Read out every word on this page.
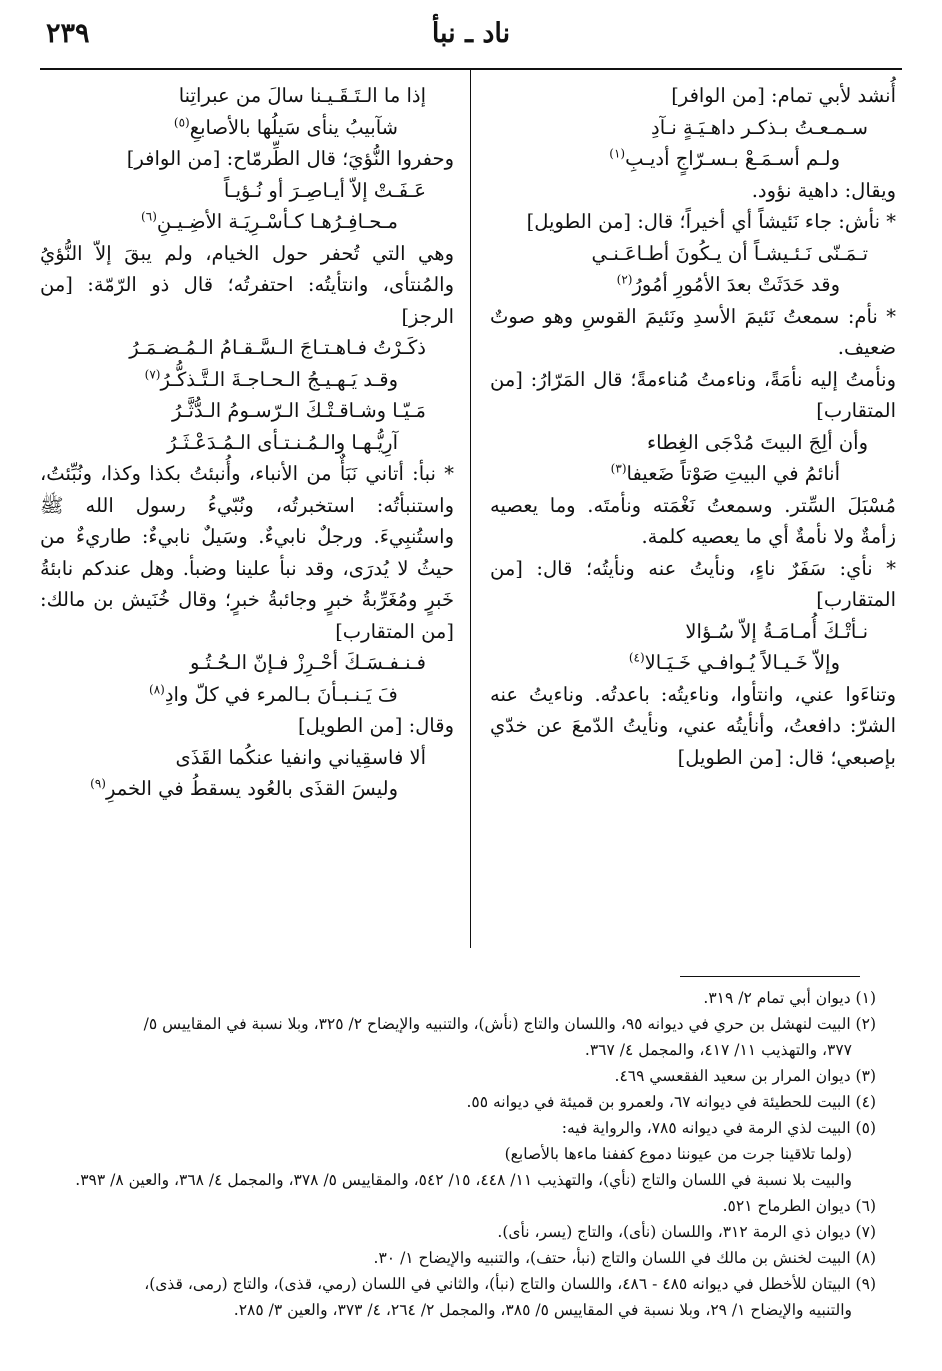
ناد ـ نبأ
٢٣٩
أُنشد لأبي تمام: [من الوافر]
سـمـعـتُ بـذكـر داهـيَـةٍ نـآدِ
ولـم أسـمَـعْ بـسـرّاجٍ أديـبِ$^{(١)}$
ويقال: داهية نؤود.
* نأش: جاء نَئيشاً أي أخيراً؛ قال: [من الطويل]
تـمَـنّى نَـئـيشـاً أن يـكُونَ أطـاعَـنـي
وقد حَدَثَتْ بعدَ الأمُورِ أمُورُ$^{(٢)}$
* نأم: سمعتُ نَئيمَ الأسدِ ونَئيمَ القوسِ وهو صوتٌ ضعيف.
ونأمتُ إليه نأمَةً، وناءمتُ مُناءمةً؛ قال المَرّارُ: [من المتقارب]
وأن ألِجَ البيتَ مُدْجَى الغِطاء
أنائمُ في البيتِ صَوْتاً ضَعيفا$^{(٣)}$
مُسْبَلَ السِّتر. وسمعتُ نَغْمَته ونأمتَه. وما يعصيه زأمةٌ ولا نأمةٌ أي ما يعصيه كلمة.
* نأي: سَفَرٌ ناءٍ، ونأيتُ عنه ونأيتُه؛ قال: [من المتقارب]
نـأتْـكَ أُمـامَـةُ إلاّ سُـؤالا
وإلاّ خَـيـالاً يُـوافـي خَـيَـالا$^{(٤)}$
وتناءَوا عني، وانتأوا، وناءيتُه: باعدتُه. وناءيتُ عنه الشرّ: دافعتُ، وأنأيتُه عني، ونأيتُ الدّمعَ عن خدّي بإصبعي؛ قال: [من الطويل]
إذا ما الـتَـقَـيـنا سالَ من عبراتِنا
شآبيبُ ينأى سَيلُها بالأصابعِ$^{(٥)}$
وحفروا النُّؤيَ؛ قال الطِّرمّاح: [من الوافر]
عَـفَـتْ إلاّ أيـاصِـرَ أو نُـؤيـاً
مـحـافِـرُهـا كـأسْـرِيَـة الأضِـيـنِ$^{(٦)}$
وهي التي تُحفر حول الخيام، ولم يبقَ إلاّ النُّؤيُ والمُنتأى، وانتأيتُه: احتفرتُه؛ قال ذو الرّمّة: [من الرجز]
ذكَـرْتُ فـاهـتـاجَ الـسَّـقـامُ الـمُـضـمَـرُ
وقـد يَـهـيـجُ الـحـاجـةَ الـتَّـذكُّـرُ$^{(٧)}$
مَـيّـا وشـاقـتْـكَ الـرّسـومُ الـدُّثَّـرُ
آرِيُّـهـا والـمُـنـتـأى الـمُـدَعْـثَـرُ
* نبأ: أتاني نَبَأٌ من الأنباء، وأُنبئتُ بكذا وكذا، ونُبِّئتُ، واستنبأتُه: استخبرتُه، ونُبّيءُ رسول الله ﷺ واستُنبِيءَ. ورجلٌ نابيءٌ. وسَيلٌ نابيءٌ: طاريءٌ من حيثُ لا يُدرَى، وقد نبأ علينا وضبأ. وهل عندكم نابئةُ خَبرٍ ومُغَرِّبةُ خبرٍ وجائبةُ خبرٍ؛ وقال خُنَيش بن مالك: [من المتقارب]
فـنـفـسَـكَ أحْـرِزْ فـإنّ الـحُـتُـو
فَ يَـنـبـأنَ بـالمرء في كلّ وادِ$^{(٨)}$
وقال: [من الطويل]
ألا فاسقِياني وانفيا عنكُما القَذَى
وليسَ القذَى بالعُود يسقطُ في الخمرِ$^{(٩)}$
(١) ديوان أبي تمام ٢/ ٣١٩.
(٢) البيت لنهشل بن حري في ديوانه ٩٥، واللسان والتاج (نأش)، والتنبيه والإيضاح ٢/ ٣٢٥، وبلا نسبة في المقاييس ٥/
٣٧٧، والتهذيب ١١/ ٤١٧، والمجمل ٤/ ٣٦٧.
(٣) ديوان المرار بن سعيد الفقعسي ٤٦٩.
(٤) البيت للحطيئة في ديوانه ٦٧، ولعمرو بن قميئة في ديوانه ٥٥.
(٥) البيت لذي الرمة في ديوانه ٧٨٥، والرواية فيه:
(ولما تلاقينا جرت من عيوننا دموع كففنا ماءها بالأصابع)
والبيت بلا نسبة في اللسان والتاج (نأي)، والتهذيب ١١/ ٤٤٨، ١٥/ ٥٤٢، والمقاييس ٥/ ٣٧٨، والمجمل ٤/ ٣٦٨، والعين ٨/ ٣٩٣.
(٦) ديوان الطرماح ٥٢١.
(٧) ديوان ذي الرمة ٣١٢، واللسان (نأى)، والتاج (يسر، نأى).
(٨) البيت لخنش بن مالك في اللسان والتاج (نبأ، حتف)، والتنبيه والإيضاح ١/ ٣٠.
(٩) البيتان للأخطل في ديوانه ٤٨٥ - ٤٨٦، واللسان والتاج (نبأ)، والثاني في اللسان (رمي، قذى)، والتاج (رمى، قذى)،
والتنبيه والإيضاح ١/ ٢٩، وبلا نسبة في المقاييس ٥/ ٣٨٥، والمجمل ٢/ ٢٦٤، ٤/ ٣٧٣، والعين ٣/ ٢٨٥.
